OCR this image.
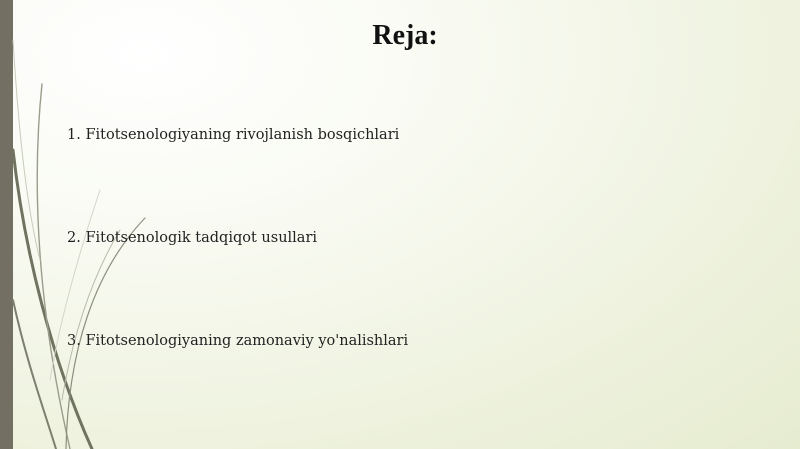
Reja:
1. Fitotsenologiyaning rivojlanish bosqichlari
2. Fitotsenologik tadqiqot usullari
3. Fitotsenologiyaning zamonaviy yo'nalishlari
